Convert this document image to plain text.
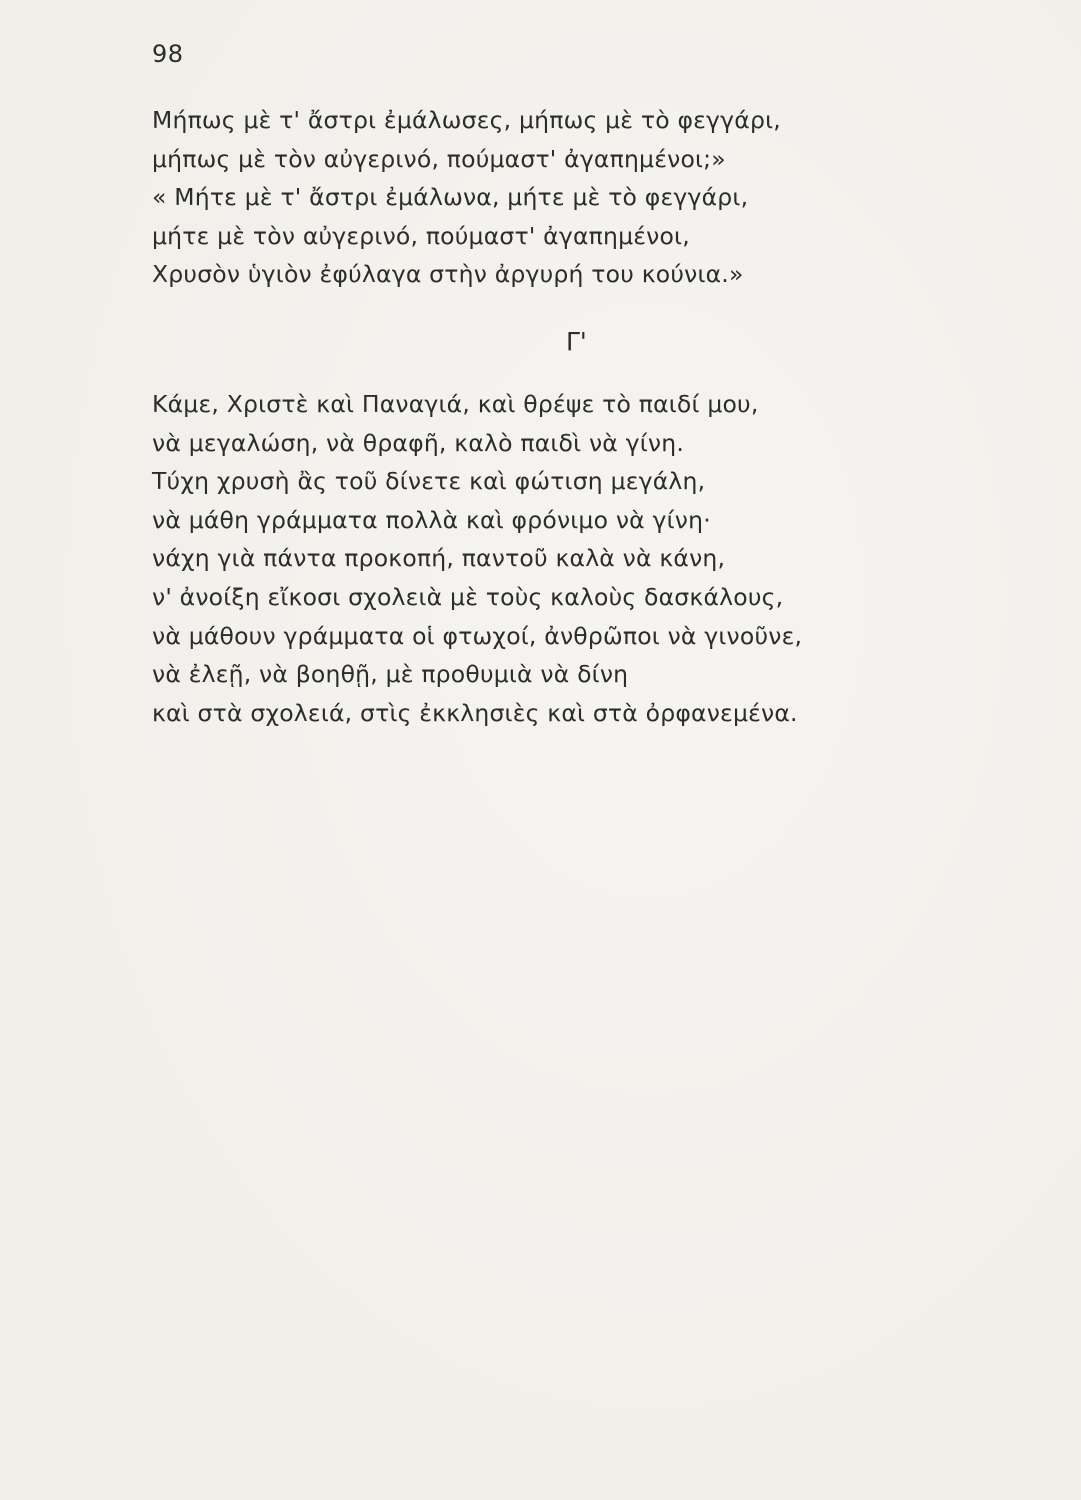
98
Μήπως μὲ τ' ἄστρι ἐμάλωσες, μήπως μὲ τὸ φεγγάρι,
μήπως μὲ τὸν αὐγερινό, πούμαστ' ἀγαπημένοι;»
« Μήτε μὲ τ' ἄστρι ἐμάλωνα, μήτε μὲ τὸ φεγγάρι,
μήτε μὲ τὸν αὐγερινό, πούμαστ' ἀγαπημένοι,
Χρυσὸν ὑγιὸν ἐφύλαγα στὴν ἀργυρή του κούνια.»
Γ'
Κάμε, Χριστὲ καὶ Παναγιά, καὶ θρέψε τὸ παιδί μου,
νὰ μεγαλώση, νὰ θραφῆ, καλὸ παιδὶ νὰ γίνη.
Τύχη χρυσὴ ἂς τοῦ δίνετε καὶ φώτιση μεγάλη,
νὰ μάθη γράμματα πολλὰ καὶ φρόνιμο νὰ γίνη·
νάχη γιὰ πάντα προκοπή, παντοῦ καλὰ νὰ κάνη,
ν' ἀνοίξη εἴκοσι σχολειὰ μὲ τοὺς καλοὺς δασκάλους,
νὰ μάθουν γράμματα οἱ φτωχοί, ἀνθρῶποι νὰ γινοῦνε,
νὰ ἐλεῇ, νὰ βοηθῇ, μὲ προθυμιὰ νὰ δίνη
καὶ στὰ σχολειά, στὶς ἐκκλησιὲς καὶ στὰ ὀρφανεμένα.
